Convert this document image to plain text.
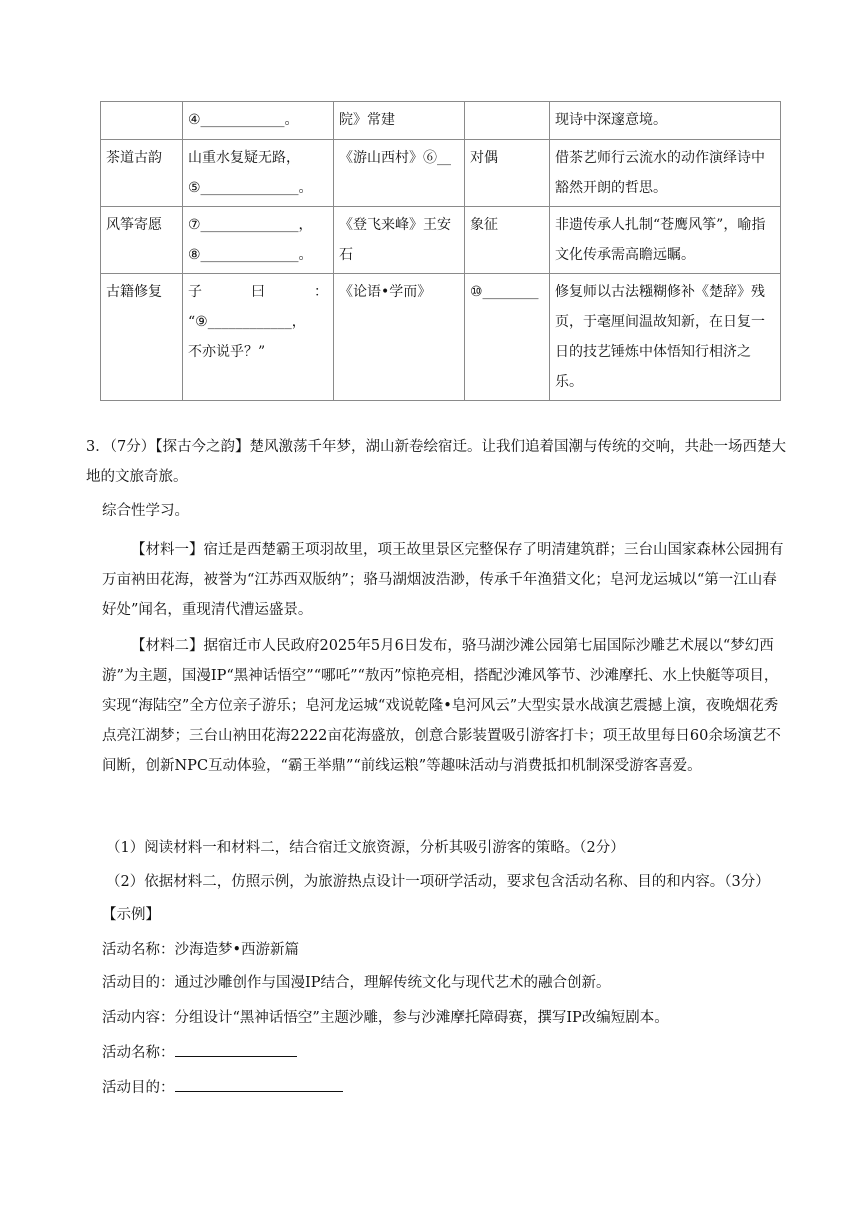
	④____________。	院》常建		现诗中深邃意境。
茶道古韵	山重水复疑无路，
⑤______________。	《游山西村》⑥__	对偶	借茶艺师行云流水的动作演绎诗中豁然开朗的哲思。
风筝寄愿	⑦______________，
⑧______________。	《登飞来峰》王安石	象征	非遗传承人扎制“苍鹰风筝”，喻指文化传承需高瞻远瞩。
古籍修复	子 曰 ：
“⑨____________，
不亦说乎？”	《论语•学而》	⑩________	修复师以古法糨糊修补《楚辞》残页，于毫厘间温故知新，在日复一日的技艺锤炼中体悟知行相济之乐。
3．（7分）【探古今之韵】楚风激荡千年梦，湖山新卷绘宿迁。让我们追着国潮与传统的交响，共赴一场西楚大地的文旅奇旅。
综合性学习。
【材料一】宿迁是西楚霸王项羽故里，项王故里景区完整保存了明清建筑群；三台山国家森林公园拥有万亩衲田花海，被誉为“江苏西双版纳”；骆马湖烟波浩渺，传承千年渔猎文化；皂河龙运城以“第一江山春好处”闻名，重现清代漕运盛景。
【材料二】据宿迁市人民政府2025年5月6日发布，骆马湖沙滩公园第七届国际沙雕艺术展以“梦幻西游”为主题，国漫IP“黑神话悟空”“哪吒”“敖丙”惊艳亮相，搭配沙滩风筝节、沙滩摩托、水上快艇等项目，实现“海陆空”全方位亲子游乐；皂河龙运城“戏说乾隆•皂河风云”大型实景水战演艺震撼上演，夜晚烟花秀点亮江湖梦；三台山衲田花海2222亩花海盛放，创意合影装置吸引游客打卡；项王故里每日60余场演艺不间断，创新NPC互动体验，“霸王举鼎”“前线运粮”等趣味活动与消费抵扣机制深受游客喜爱。
（1）阅读材料一和材料二，结合宿迁文旅资源，分析其吸引游客的策略。（2分）
（2）依据材料二，仿照示例，为旅游热点设计一项研学活动，要求包含活动名称、目的和内容。（3分）
【示例】
活动名称：沙海造梦•西游新篇
活动目的：通过沙雕创作与国漫IP结合，理解传统文化与现代艺术的融合创新。
活动内容：分组设计“黑神话悟空”主题沙雕，参与沙滩摩托障碍赛，撰写IP改编短剧本。
活动名称：
活动目的：
